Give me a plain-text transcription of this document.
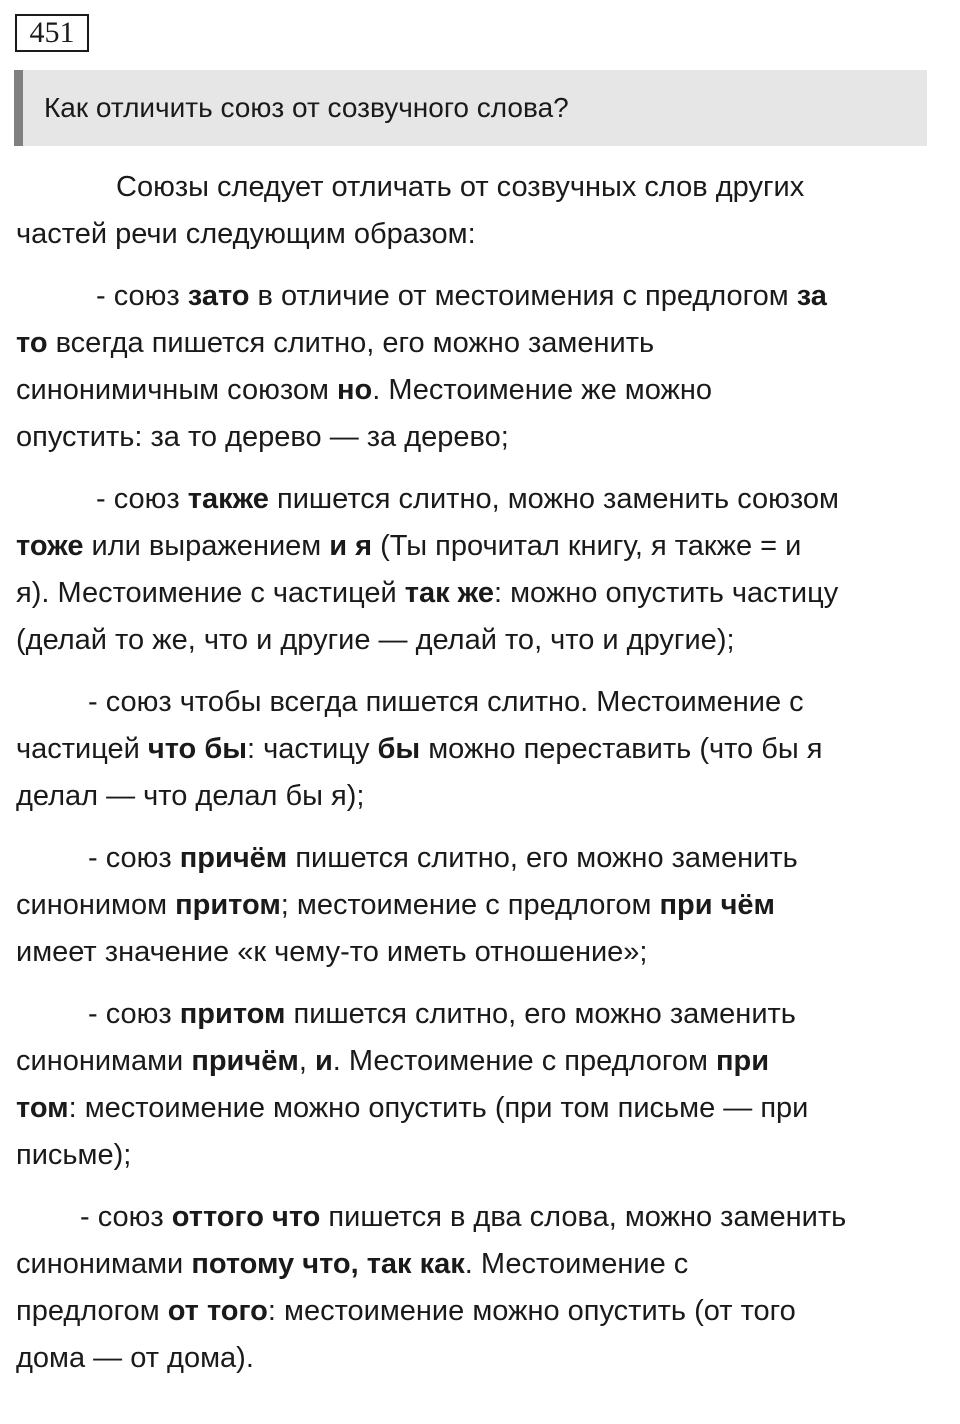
451
Как отличить союз от созвучного слова?
Союзы следует отличать от созвучных слов других
частей речи следующим образом:
- союз зато в отличие от местоимения с предлогом за
то всегда пишется слитно, его можно заменить
синонимичным союзом но. Местоимение же можно
опустить: за то дерево — за дерево;
- союз также пишется слитно, можно заменить союзом
тоже или выражением и я (Ты прочитал книгу, я также = и
я). Местоимение с частицей так же: можно опустить частицу
(делай то же, что и другие — делай то, что и другие);
- союз чтобы всегда пишется слитно. Местоимение с
частицей что бы: частицу бы можно переставить (что бы я
делал — что делал бы я);
- союз причём пишется слитно, его можно заменить
синонимом притом; местоимение с предлогом при чём
имеет значение «к чему-то иметь отношение»;
- союз притом пишется слитно, его можно заменить
синонимами причём, и. Местоимение с предлогом при
том: местоимение можно опустить (при том письме — при
письме);
- союз оттого что пишется в два слова, можно заменить
синонимами потому что, так как. Местоимение с
предлогом от того: местоимение можно опустить (от того
дома — от дома).
